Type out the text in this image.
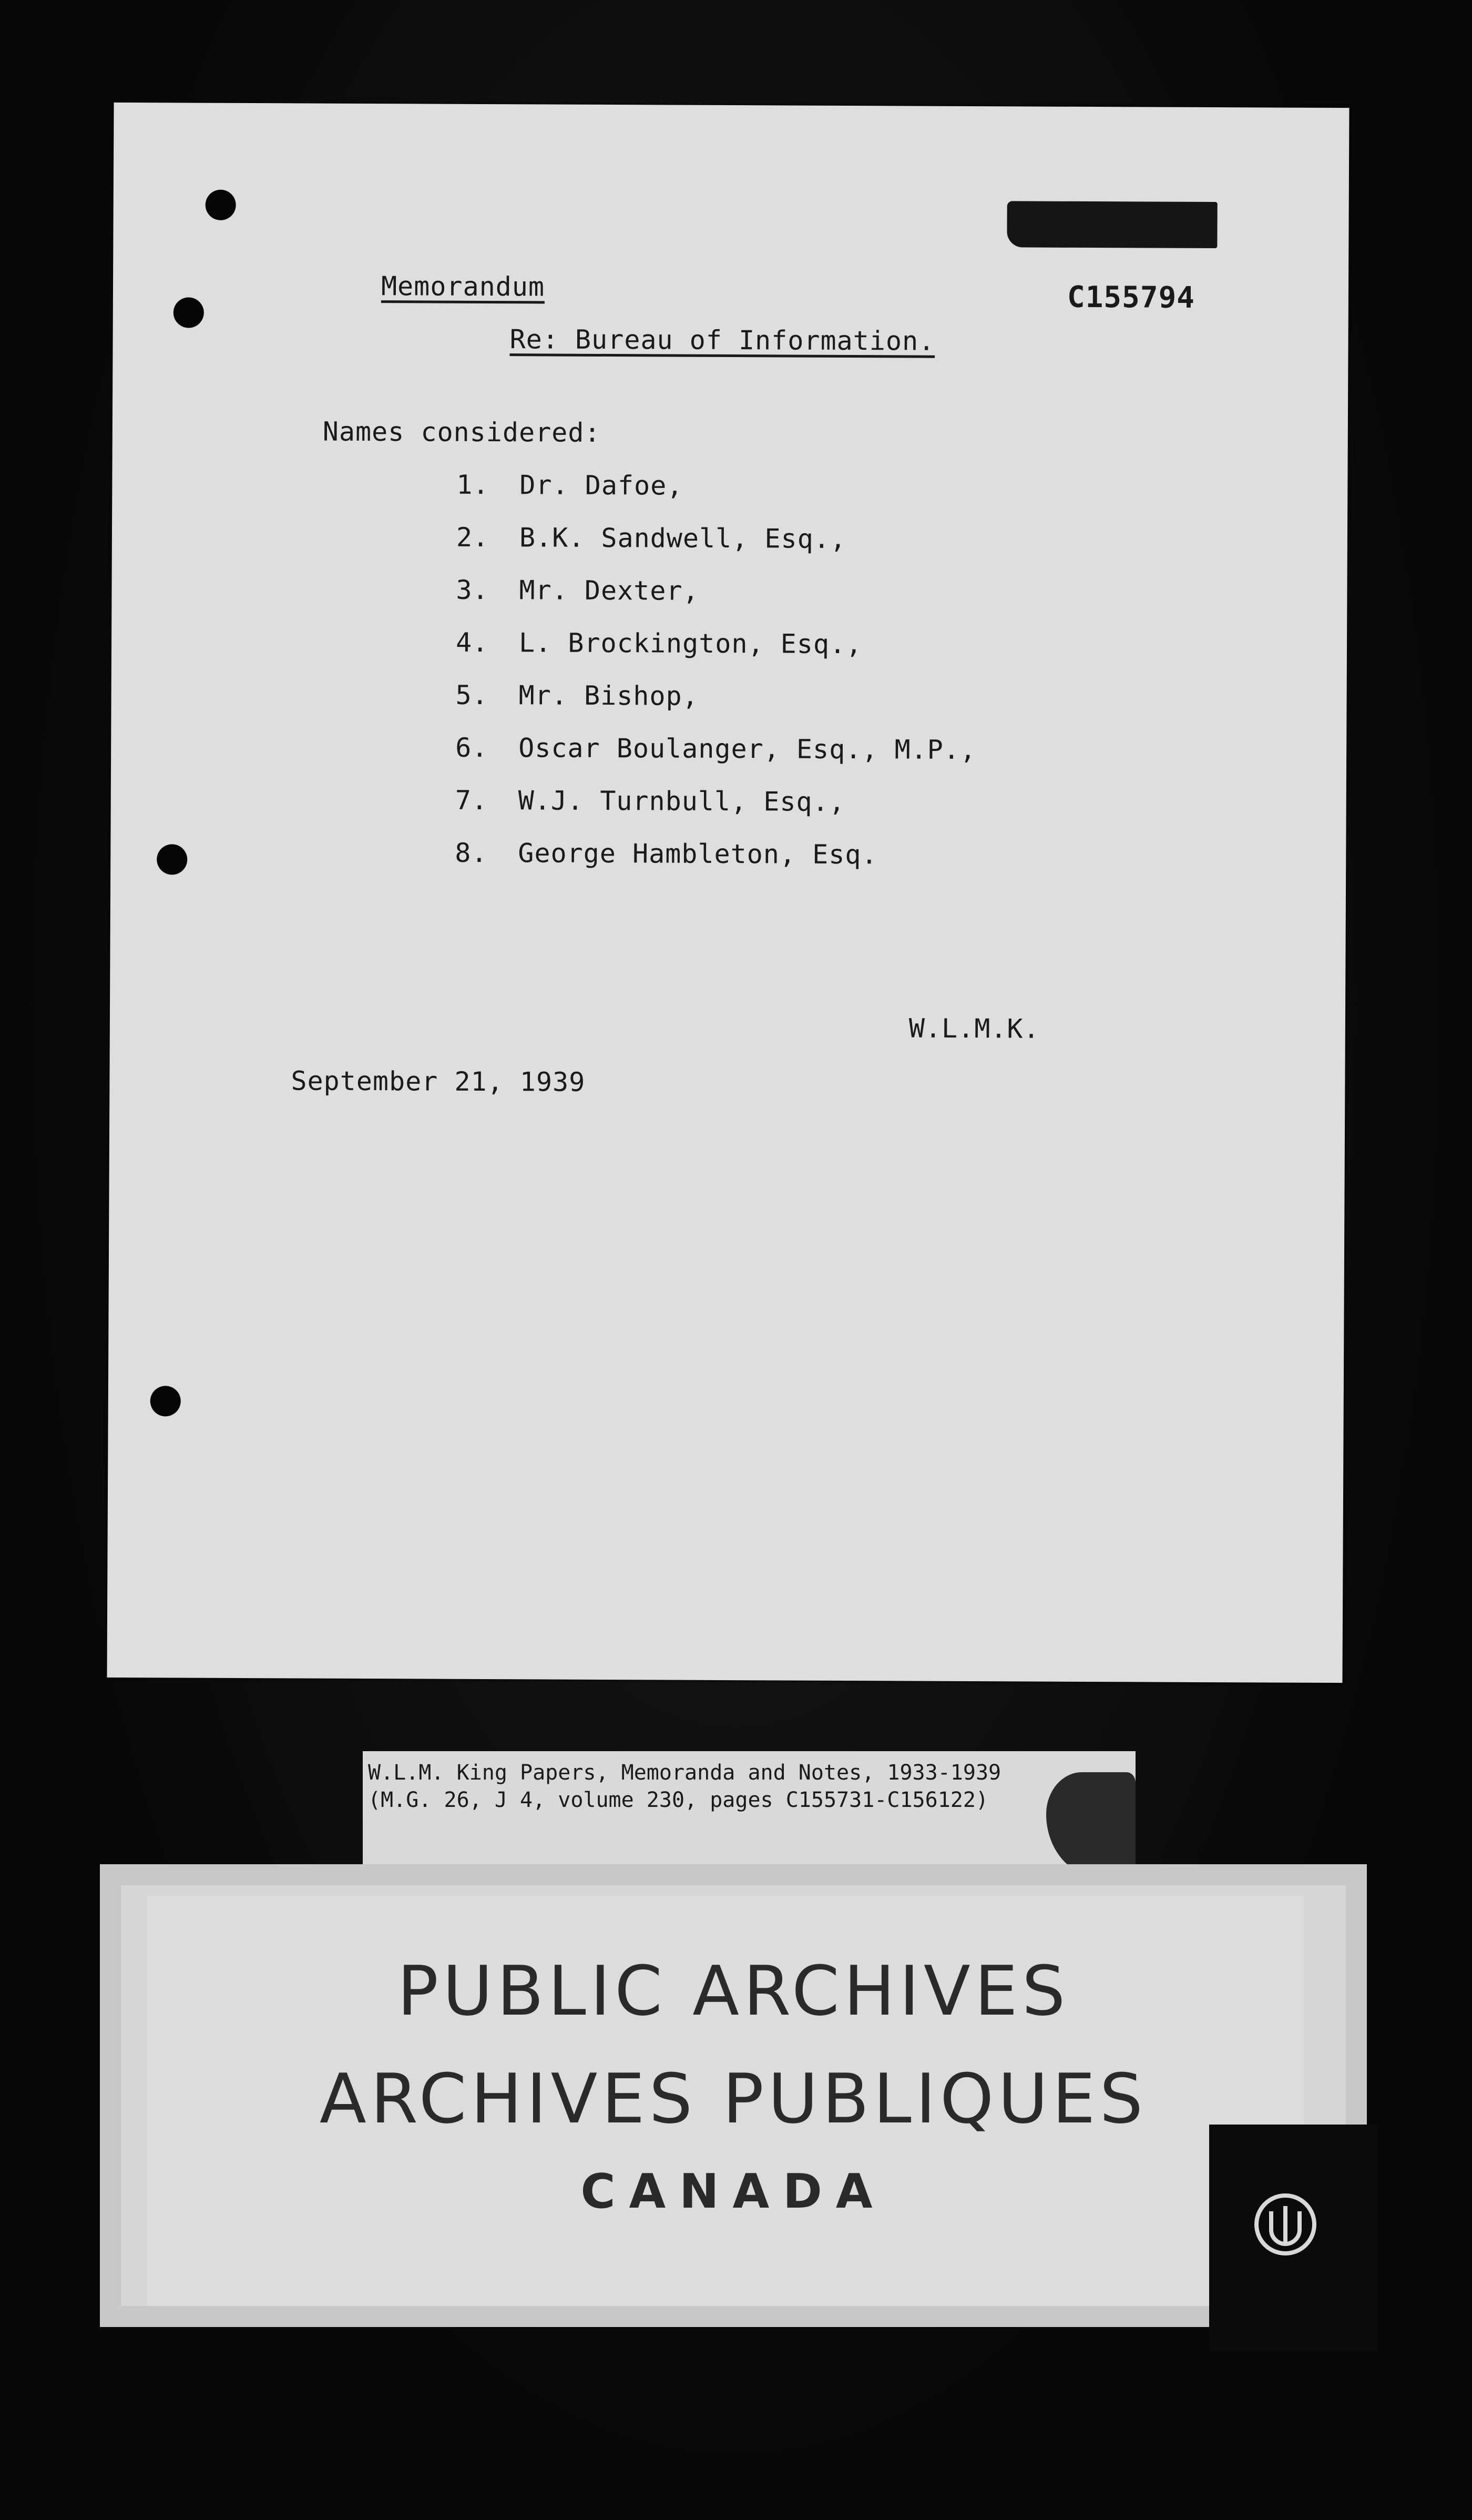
C155794
Memorandum
Re: Bureau of Information.
Names considered:
1. Dr. Dafoe,
2. B.K. Sandwell, Esq.,
3. Mr. Dexter,
4. L. Brockington, Esq.,
5. Mr. Bishop,
6. Oscar Boulanger, Esq., M.P.,
7. W.J. Turnbull, Esq.,
8. George Hambleton, Esq.
W.L.M.K.
September 21, 1939
W.L.M. King Papers, Memoranda and Notes, 1933-1939
(M.G. 26, J 4, volume 230, pages C155731-C156122)
PUBLIC ARCHIVES
ARCHIVES PUBLIQUES
CANADA
